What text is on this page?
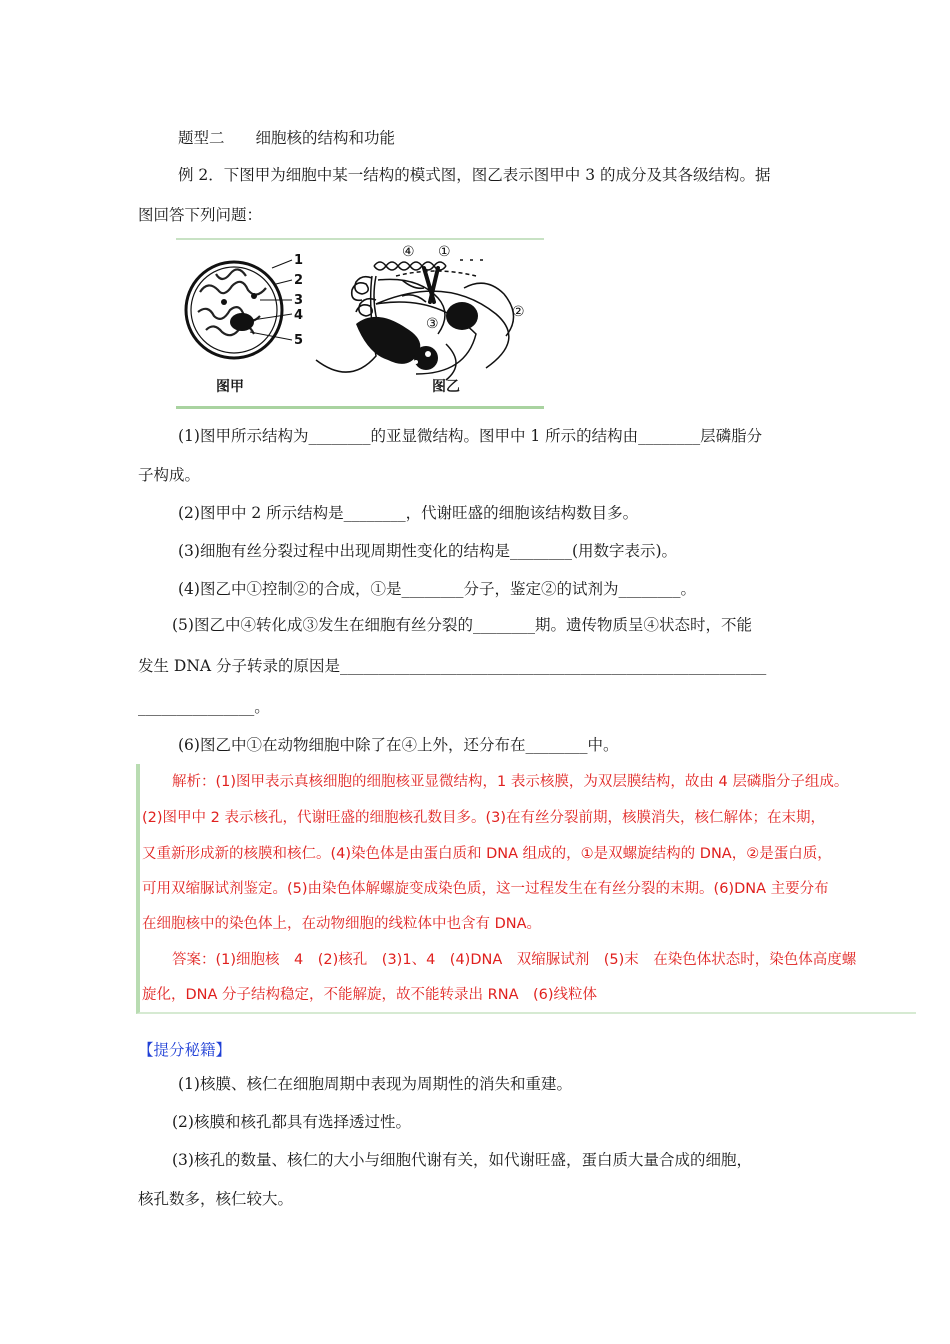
题型二　　细胞核的结构和功能
例 2．下图甲为细胞中某一结构的模式图，图乙表示图甲中 3 的成分及其各级结构。据
图回答下列问题：
1
2
3
4
5
④ ①
②
③
图甲	图乙
(1)图甲所示结构为________的亚显微结构。图甲中 1 所示的结构由________层磷脂分
子构成。
(2)图甲中 2 所示结构是________，代谢旺盛的细胞该结构数目多。
(3)细胞有丝分裂过程中出现周期性变化的结构是________(用数字表示)。
(4)图乙中①控制②的合成，①是________分子，鉴定②的试剂为________。
(5)图乙中④转化成③发生在细胞有丝分裂的________期。遗传物质呈④状态时，不能
发生 DNA 分子转录的原因是_______________________________________________________
_______________。
(6)图乙中①在动物细胞中除了在④上外，还分布在________中。
解析：(1)图甲表示真核细胞的细胞核亚显微结构，1 表示核膜，为双层膜结构，故由 4 层磷脂分子组成。
(2)图甲中 2 表示核孔，代谢旺盛的细胞核孔数目多。(3)在有丝分裂前期，核膜消失，核仁解体；在末期，
又重新形成新的核膜和核仁。(4)染色体是由蛋白质和 DNA 组成的，①是双螺旋结构的 DNA，②是蛋白质，
可用双缩脲试剂鉴定。(5)由染色体解螺旋变成染色质，这一过程发生在有丝分裂的末期。(6)DNA 主要分布
在细胞核中的染色体上，在动物细胞的线粒体中也含有 DNA。
答案：(1)细胞核　4　(2)核孔　(3)1、4　(4)DNA　双缩脲试剂　(5)末　在染色体状态时，染色体高度螺
旋化，DNA 分子结构稳定，不能解旋，故不能转录出 RNA　(6)线粒体
【提分秘籍】
(1)核膜、核仁在细胞周期中表现为周期性的消失和重建。
(2)核膜和核孔都具有选择透过性。
(3)核孔的数量、核仁的大小与细胞代谢有关，如代谢旺盛，蛋白质大量合成的细胞，
核孔数多，核仁较大。
